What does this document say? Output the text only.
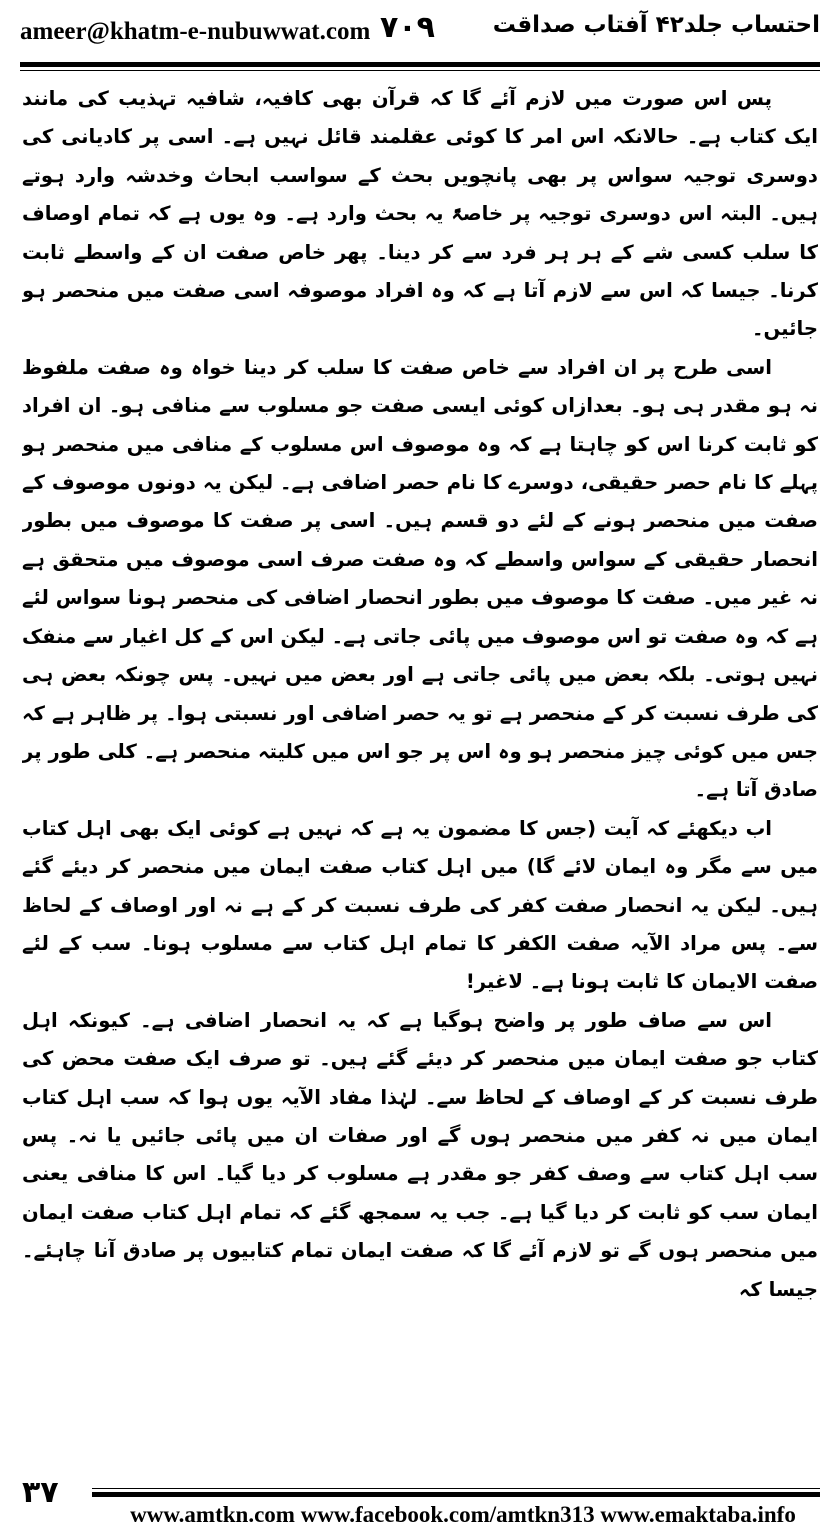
ameer@khatm-e-nubuwwat.com ۷۰۹	احتساب جلد۴۲ آفتاب صداقت

پس اس صورت میں لازم آئے گا کہ قرآن بھی کافیہ، شافیہ تہذیب کی مانند ایک کتاب ہے۔ حالانکہ اس امر کا کوئی عقلمند قائل نہیں ہے۔ اسی پر کادیانی کی دوسری توجیہ سواس پر بھی پانچویں بحث کے سواسب ابحاث وخدشہ وارد ہوتے ہیں۔ البتہ اس دوسری توجیہ پر خاصۃً یہ بحث وارد ہے۔ وہ یوں ہے کہ تمام اوصاف کا سلب کسی شے کے ہر ہر فرد سے کر دینا۔ پھر خاص صفت ان کے واسطے ثابت کرنا۔ جیسا کہ اس سے لازم آتا ہے کہ وہ افراد موصوفہ اسی صفت میں منحصر ہو جائیں۔

اسی طرح پر ان افراد سے خاص صفت کا سلب کر دینا خواہ وہ صفت ملفوظ نہ ہو مقدر ہی ہو۔ بعدازاں کوئی ایسی صفت جو مسلوب سے منافی ہو۔ ان افراد کو ثابت کرنا اس کو چاہتا ہے کہ وہ موصوف اس مسلوب کے منافی میں منحصر ہو پہلے کا نام حصر حقیقی، دوسرے کا نام حصر اضافی ہے۔ لیکن یہ دونوں موصوف کے صفت میں منحصر ہونے کے لئے دو قسم ہیں۔ اسی پر صفت کا موصوف میں بطور انحصار حقیقی کے سواس واسطے کہ وہ صفت صرف اسی موصوف میں متحقق ہے نہ غیر میں۔ صفت کا موصوف میں بطور انحصار اضافی کی منحصر ہونا سواس لئے ہے کہ وہ صفت تو اس موصوف میں پائی جاتی ہے۔ لیکن اس کے کل اغیار سے منفک نہیں ہوتی۔ بلکہ بعض میں پائی جاتی ہے اور بعض میں نہیں۔ پس چونکہ بعض ہی کی طرف نسبت کر کے منحصر ہے تو یہ حصر اضافی اور نسبتی ہوا۔ پر ظاہر ہے کہ جس میں کوئی چیز منحصر ہو وہ اس پر جو اس میں کلیتہ منحصر ہے۔ کلی طور پر صادق آتا ہے۔

اب دیکھئے کہ آیت (جس کا مضمون یہ ہے کہ نہیں ہے کوئی ایک بھی اہل کتاب میں سے مگر وہ ایمان لائے گا) میں اہل کتاب صفت ایمان میں منحصر کر دیئے گئے ہیں۔ لیکن یہ انحصار صفت کفر کی طرف نسبت کر کے ہے نہ اور اوصاف کے لحاظ سے۔ پس مراد الآیہ صفت الکفر کا تمام اہل کتاب سے مسلوب ہونا۔ سب کے لئے صفت الایمان کا ثابت ہونا ہے۔ لاغیر!

اس سے صاف طور پر واضح ہوگیا ہے کہ یہ انحصار اضافی ہے۔ کیونکہ اہل کتاب جو صفت ایمان میں منحصر کر دیئے گئے ہیں۔ تو صرف ایک صفت محض کی طرف نسبت کر کے اوصاف کے لحاظ سے۔ لہٰذا مفاد الآیہ یوں ہوا کہ سب اہل کتاب ایمان میں نہ کفر میں منحصر ہوں گے اور صفات ان میں پائی جائیں یا نہ۔ پس سب اہل کتاب سے وصف کفر جو مقدر ہے مسلوب کر دیا گیا۔ اس کا منافی یعنی ایمان سب کو ثابت کر دیا گیا ہے۔ جب یہ سمجھ گئے کہ تمام اہل کتاب صفت ایمان میں منحصر ہوں گے تو لازم آئے گا کہ صفت ایمان تمام کتابیوں پر صادق آنا چاہئے۔ جیسا کہ

۳۷
www.amtkn.com www.facebook.com/amtkn313 www.emaktaba.info
